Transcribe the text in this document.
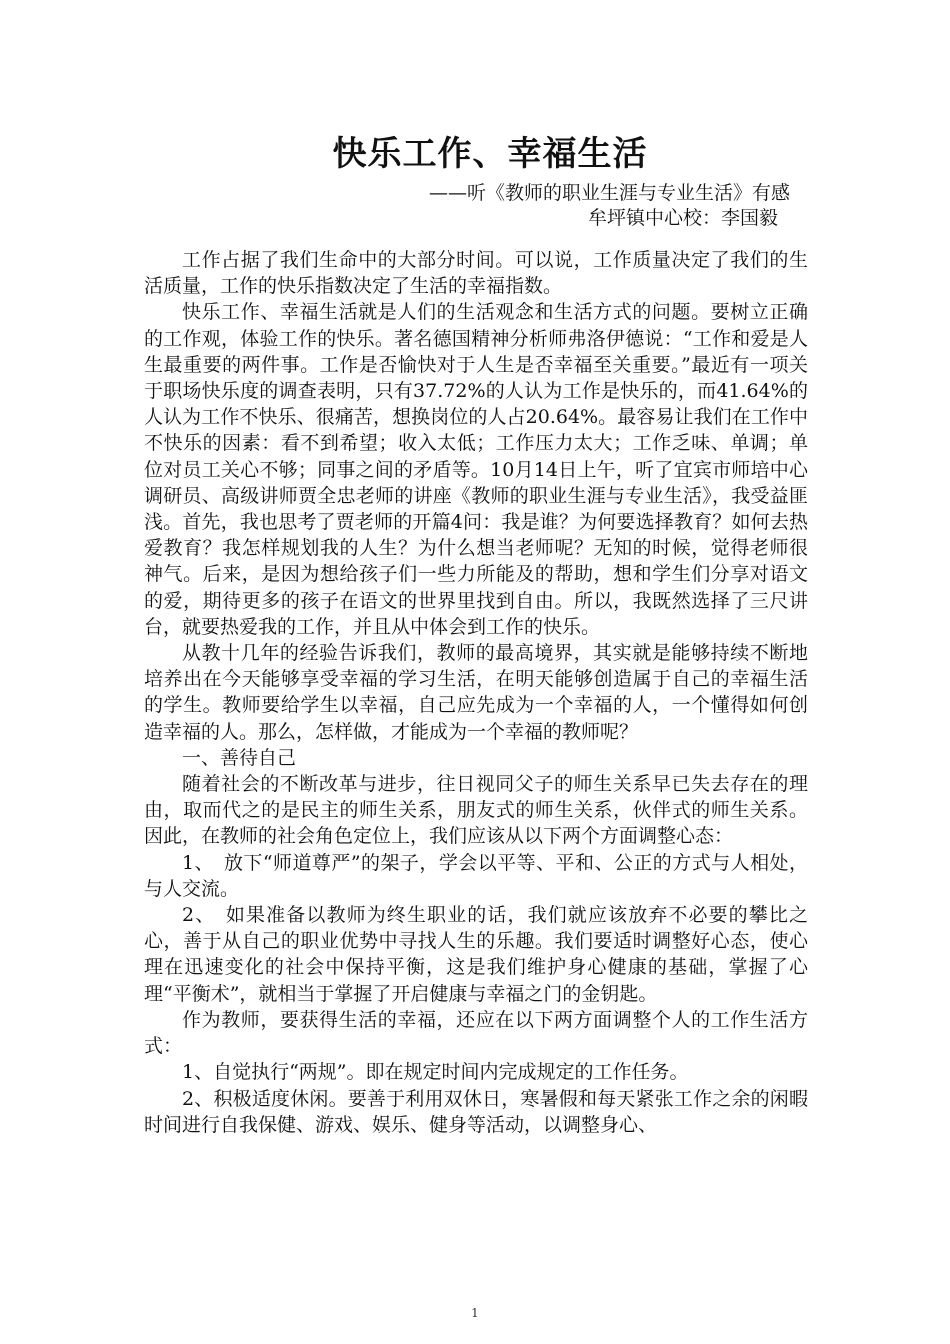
快乐工作、幸福生活
——听《教师的职业生涯与专业生活》有感
牟坪镇中心校：李国毅

工作占据了我们生命中的大部分时间。可以说，工作质量决定了我们的生活质量，工作的快乐指数决定了生活的幸福指数。

快乐工作、幸福生活就是人们的生活观念和生活方式的问题。要树立正确的工作观，体验工作的快乐。著名德国精神分析师弗洛伊德说：“工作和爱是人生最重要的两件事。工作是否愉快对于人生是否幸福至关重要。”最近有一项关于职场快乐度的调查表明，只有37.72%的人认为工作是快乐的，而41.64%的人认为工作不快乐、很痛苦，想换岗位的人占20.64%。最容易让我们在工作中不快乐的因素：看不到希望；收入太低；工作压力太大；工作乏味、单调；单位对员工关心不够；同事之间的矛盾等。10月14日上午，听了宜宾市师培中心调研员、高级讲师贾全忠老师的讲座《教师的职业生涯与专业生活》，我受益匪浅。首先，我也思考了贾老师的开篇4问：我是谁？为何要选择教育？如何去热爱教育？我怎样规划我的人生？为什么想当老师呢？无知的时候，觉得老师很神气。后来，是因为想给孩子们一些力所能及的帮助，想和学生们分享对语文的爱，期待更多的孩子在语文的世界里找到自由。所以，我既然选择了三尺讲台，就要热爱我的工作，并且从中体会到工作的快乐。

从教十几年的经验告诉我们，教师的最高境界，其实就是能够持续不断地培养出在今天能够享受幸福的学习生活，在明天能够创造属于自己的幸福生活的学生。教师要给学生以幸福，自己应先成为一个幸福的人，一个懂得如何创造幸福的人。那么，怎样做，才能成为一个幸福的教师呢？

一、善待自己

随着社会的不断改革与进步，往日视同父子的师生关系早已失去存在的理由，取而代之的是民主的师生关系，朋友式的师生关系，伙伴式的师生关系。因此，在教师的社会角色定位上，我们应该从以下两个方面调整心态：

1、　放下“师道尊严”的架子，学会以平等、平和、公正的方式与人相处，与人交流。

2、　如果准备以教师为终生职业的话，我们就应该放弃不必要的攀比之心，善于从自己的职业优势中寻找人生的乐趣。我们要适时调整好心态，使心理在迅速变化的社会中保持平衡，这是我们维护身心健康的基础，掌握了心理“平衡术”，就相当于掌握了开启健康与幸福之门的金钥匙。

作为教师，要获得生活的幸福，还应在以下两方面调整个人的工作生活方式：

1、自觉执行“两规”。即在规定时间内完成规定的工作任务。

2、积极适度休闲。要善于利用双休日，寒暑假和每天紧张工作之余的闲暇时间进行自我保健、游戏、娱乐、健身等活动，以调整身心、

1
